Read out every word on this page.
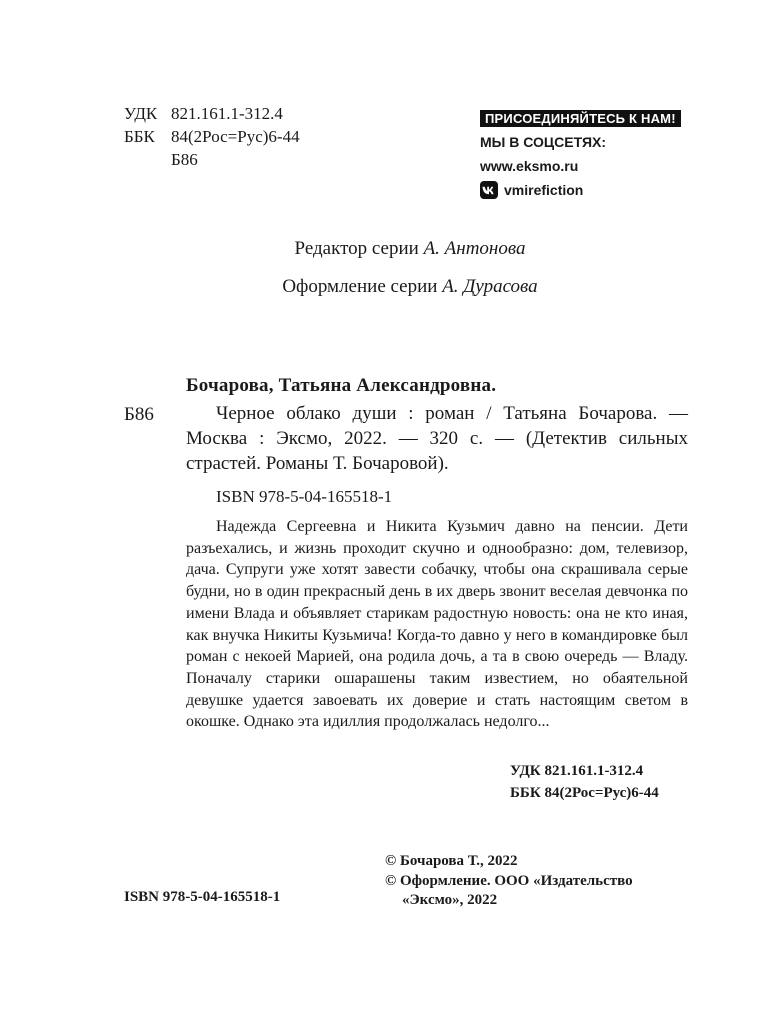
УДК 821.161.1-312.4
ББК 84(2Рос=Рус)6-44
Б86
ПРИСОЕДИНЯЙТЕСЬ К НАМ!
МЫ В СОЦСЕТЯХ:
www.eksmo.ru
vmirefiction
Редактор серии А. Антонова
Оформление серии А. Дурасова
Бочарова, Татьяна Александровна.
Б86	Черное облако души : роман / Татьяна Бочарова. — Москва : Эксмо, 2022. — 320 с. — (Детектив сильных страстей. Романы Т. Бочаровой).
ISBN 978-5-04-165518-1

Надежда Сергеевна и Никита Кузьмич давно на пенсии. Дети разъехались, и жизнь проходит скучно и однообразно: дом, телевизор, дача. Супруги уже хотят завести собачку, чтобы она скрашивала серые будни, но в один прекрасный день в их дверь звонит веселая девчонка по имени Влада и объявляет старикам радостную новость: она не кто иная, как внучка Никиты Кузьмича! Когда-то давно у него в командировке был роман с некоей Марией, она родила дочь, а та в свою очередь — Владу. Поначалу старики ошарашены таким известием, но обаятельной девушке удается завоевать их доверие и стать настоящим светом в окошке. Однако эта идиллия продолжалась недолго...

УДК 821.161.1-312.4
ББК 84(2Рос=Рус)6-44
© Бочарова Т., 2022
© Оформление. ООО «Издательство
«Эксмо», 2022
ISBN 978-5-04-165518-1
